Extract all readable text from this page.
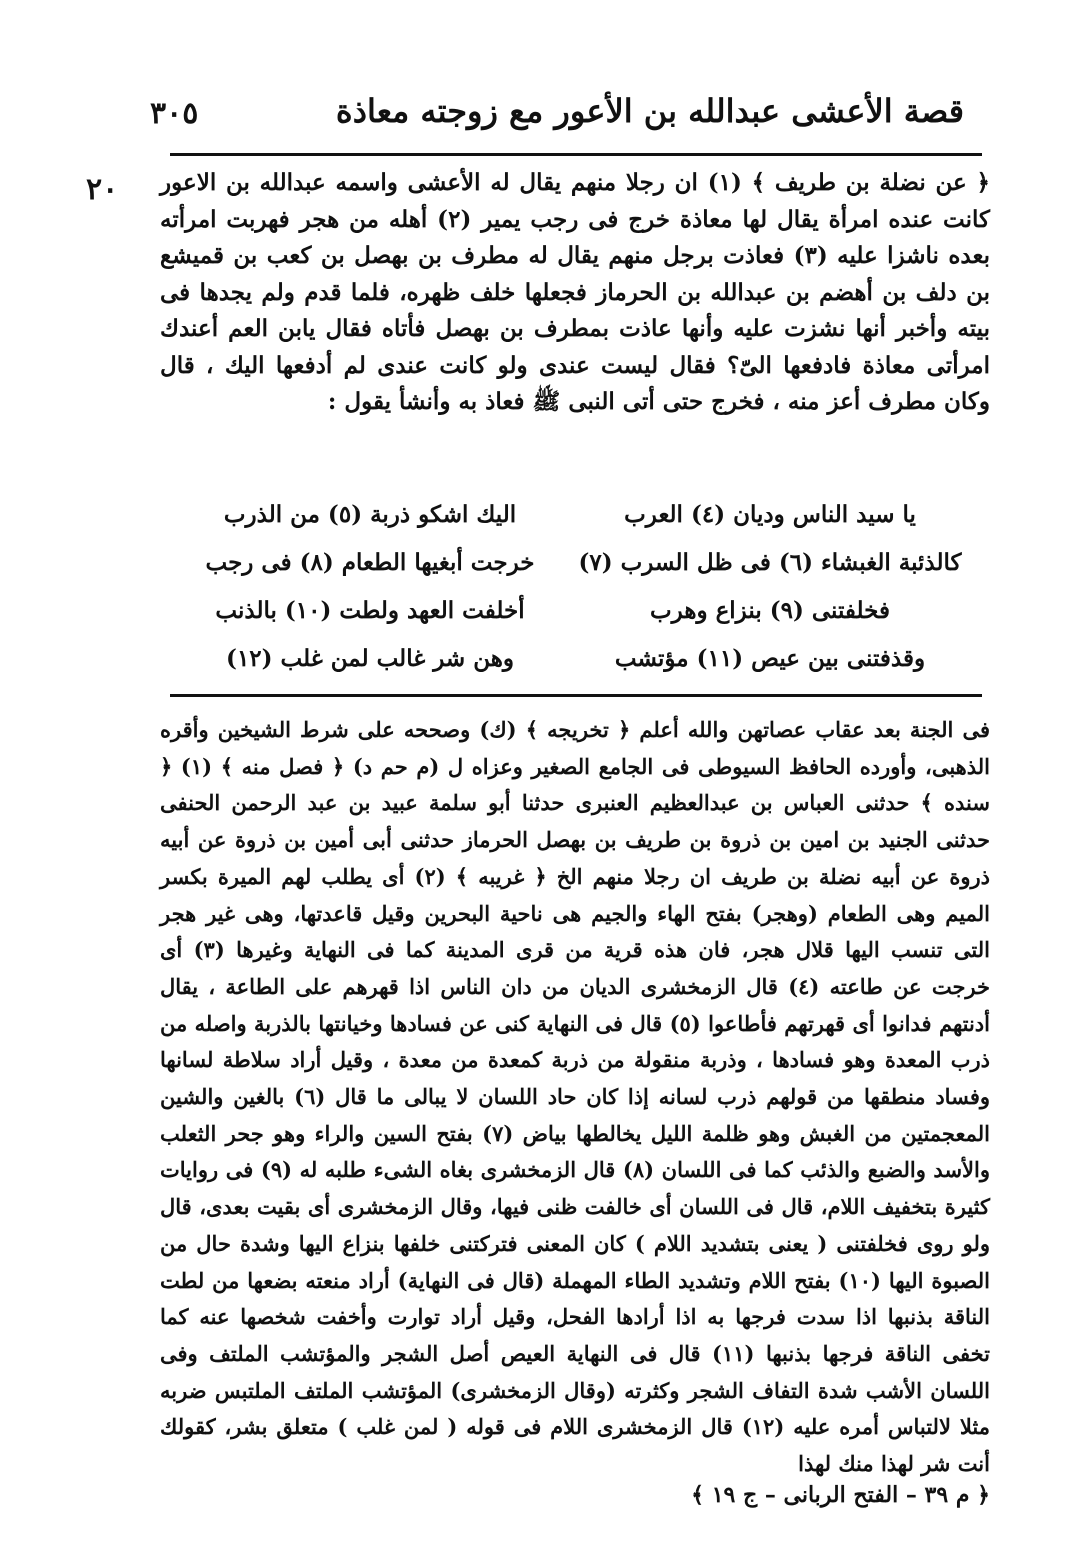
٣٠٥	قصة الأعشى عبدالله بن الأعور مع زوجته معاذة
٢٠ ﴿ عن نضلة بن طريف ﴾ (١) ان رجلا منهم يقال له الأعشى واسمه عبدالله بن الاعور كانت عنده امرأة يقال لها معاذة خرج فى رجب يمير (٢) أهله من هجر فهربت امرأته بعده ناشزا عليه (٣) فعاذت برجل منهم يقال له مطرف بن بهصل بن كعب بن قميشع بن دلف بن أهضم بن عبدالله بن الحرماز فجعلها خلف ظهره، فلما قدم ولم يجدها فى بيته وأخبر أنها نشزت عليه وأنها عاذت بمطرف بن بهصل فأتاه فقال يابن العم أعندك امرأتى معاذة فادفعها الىّ؟ فقال ليست عندى ولو كانت عندى لم أدفعها اليك ، قال وكان مطرف أعز منه ، فخرج حتى أتى النبى ﷺ فعاذ به وأنشأ يقول :

يا سيد الناس وديان (٤) العرب
اليك اشكو ذربة (٥) من الذرب
كالذئبة الغبشاء (٦) فى ظل السرب (٧)
خرجت أبغيها الطعام (٨) فى رجب
فخلفتنى (٩) بنزاع وهرب
أخلفت العهد ولطت (١٠) بالذنب
وقذفتنى بين عيص (١١) مؤتشب
وهن شر غالب لمن غلب (١٢)

فى الجنة بعد عقاب عصاتهن والله أعلم ﴿ تخريجه ﴾ (ك) وصححه على شرط الشيخين وأقره الذهبى، وأورده الحافظ السيوطى فى الجامع الصغير وعزاه ل (م حم د) ﴿ فصل منه ﴾ (١) ﴿ سنده ﴾ حدثنى العباس بن عبدالعظيم العنبرى حدثنا أبو سلمة عبيد بن عبد الرحمن الحنفى حدثنى الجنيد بن امين بن ذروة بن طريف بن بهصل الحرماز حدثنى أبى أمين بن ذروة عن أبيه ذروة عن أبيه نضلة بن طريف ان رجلا منهم الخ ﴿ غريبه ﴾ (٢) أى يطلب لهم الميرة بكسر الميم وهى الطعام (وهجر) بفتح الهاء والجيم هى ناحية البحرين وقيل قاعدتها، وهى غير هجر التى تنسب اليها قلال هجر، فان هذه قرية من قرى المدينة كما فى النهاية وغيرها (٣) أى خرجت عن طاعته (٤) قال الزمخشرى الديان من دان الناس اذا قهرهم على الطاعة ، يقال أدنتهم فدانوا أى قهرتهم فأطاعوا (٥) قال فى النهاية كنى عن فسادها وخيانتها بالذربة واصله من ذرب المعدة وهو فسادها ، وذربة منقولة من ذربة كمعدة من معدة ، وقيل أراد سلاطة لسانها وفساد منطقها من قولهم ذرب لسانه إذا كان حاد اللسان لا يبالى ما قال (٦) بالغين والشين المعجمتين من الغبش وهو ظلمة الليل يخالطها بياض (٧) بفتح السين والراء وهو جحر الثعلب والأسد والضبع والذئب كما فى اللسان (٨) قال الزمخشرى بغاه الشىء طلبه له (٩) فى روايات كثيرة بتخفيف اللام، قال فى اللسان أى خالفت ظنى فيها، وقال الزمخشرى أى بقيت بعدى، قال ولو روى فخلفتنى ( يعنى بتشديد اللام ) كان المعنى فتركتنى خلفها بنزاع اليها وشدة حال من الصبوة اليها (١٠) بفتح اللام وتشديد الطاء المهملة (قال فى النهاية) أراد منعته بضعها من لطت الناقة بذنبها اذا سدت فرجها به اذا أرادها الفحل، وقيل أراد توارت وأخفت شخصها عنه كما تخفى الناقة فرجها بذنبها (١١) قال فى النهاية العيص أصل الشجر والمؤتشب الملتف وفى اللسان الأشب شدة التفاف الشجر وكثرته (وقال الزمخشرى) المؤتشب الملتف الملتبس ضربه مثلا لالتباس أمره عليه (١٢) قال الزمخشرى اللام فى قوله ( لمن غلب ) متعلق بشر، كقولك أنت شر لهذا منك لهذا

﴿ م ٣٩ – الفتح الربانى – ج ١٩ ﴾
